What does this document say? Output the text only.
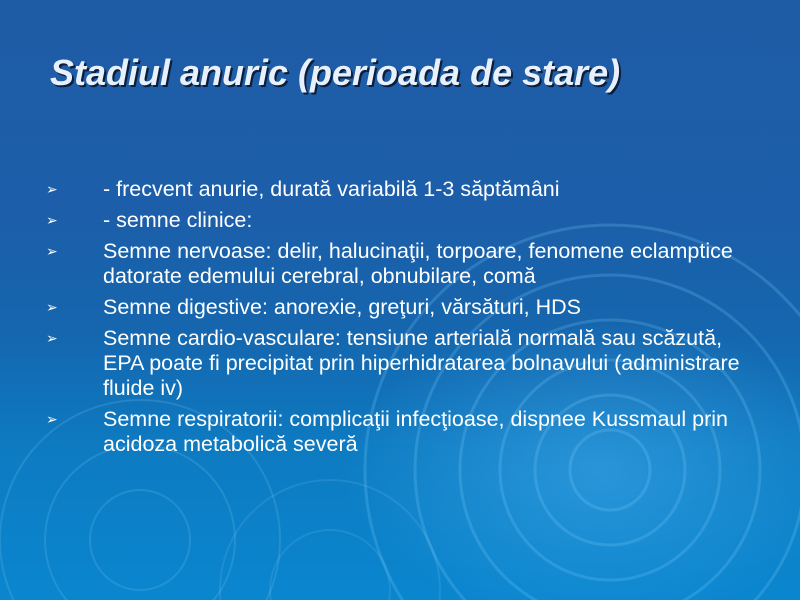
Stadiul anuric (perioada de stare)
➢ - frecvent anurie, durată variabilă 1-3 săptămâni
➢ - semne clinice:
➢ Semne nervoase: delir, halucinaţii, torpoare, fenomene eclamptice datorate edemului cerebral, obnubilare, comă
➢ Semne digestive: anorexie, greţuri, vărsături, HDS
➢ Semne cardio-vasculare: tensiune arterială normală sau scăzută, EPA poate fi precipitat prin hiperhidratarea bolnavului (administrare fluide iv)
➢ Semne respiratorii: complicaţii infecţioase, dispnee Kussmaul prin acidoza metabolică severă
